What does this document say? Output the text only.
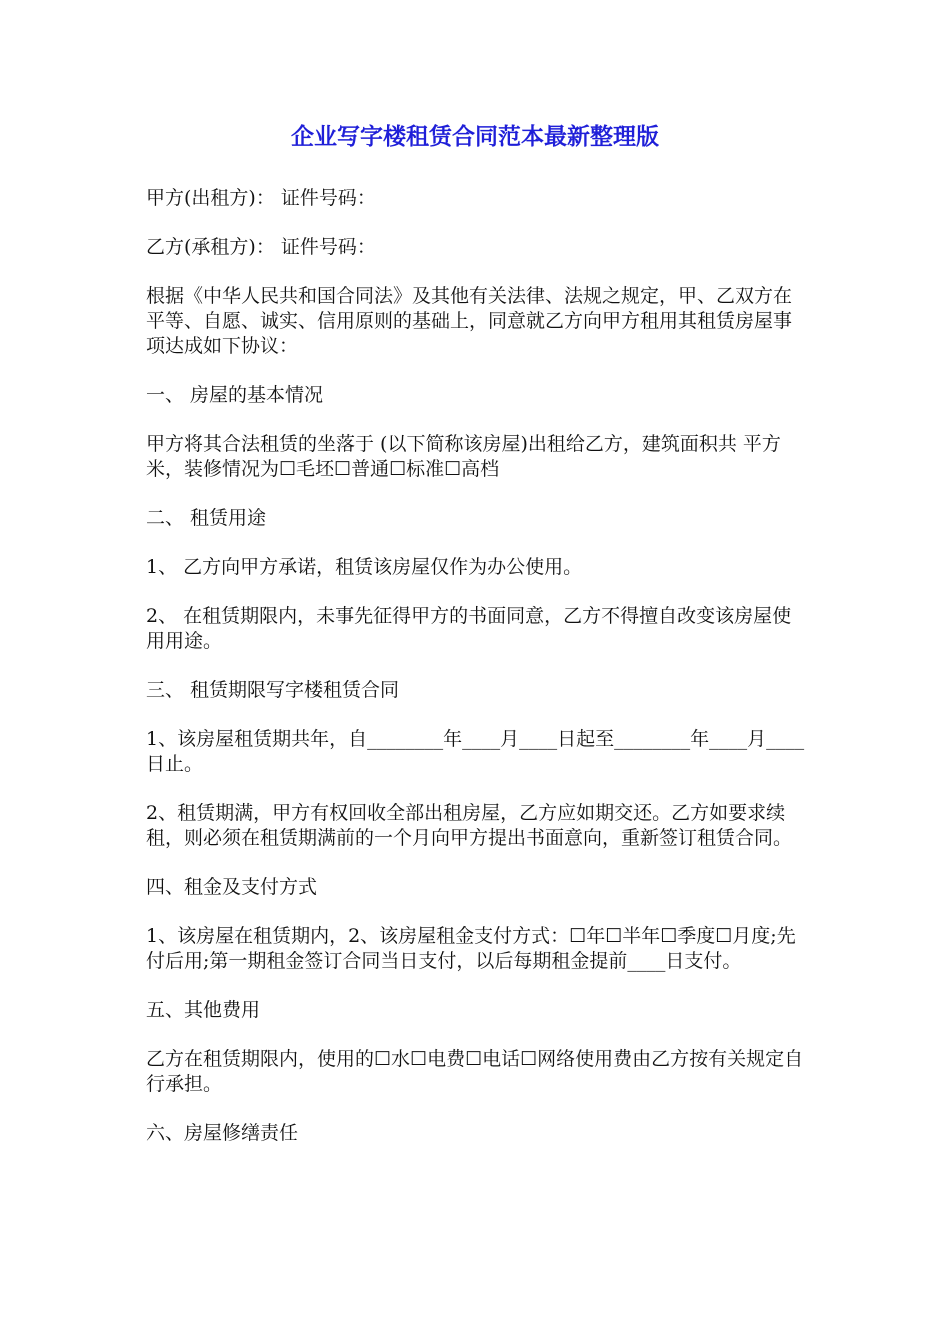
企业写字楼租赁合同范本最新整理版

甲方(出租方)： 证件号码：

乙方(承租方)： 证件号码：

根据《中华人民共和国合同法》及其他有关法律、法规之规定，甲、乙双方在平等、自愿、诚实、信用原则的基础上，同意就乙方向甲方租用其租赁房屋事项达成如下协议：

一、 房屋的基本情况

甲方将其合法租赁的坐落于 (以下简称该房屋)出租给乙方，建筑面积共 平方米，装修情况为☐毛坯☐普通☐标准☐高档

二、 租赁用途

1、 乙方向甲方承诺，租赁该房屋仅作为办公使用。

2、 在租赁期限内，未事先征得甲方的书面同意，乙方不得擅自改变该房屋使用用途。

三、 租赁期限写字楼租赁合同

1、该房屋租赁期共年，自________年____月____日起至________年____月____日止。

2、租赁期满，甲方有权回收全部出租房屋，乙方应如期交还。乙方如要求续租，则必须在租赁期满前的一个月向甲方提出书面意向，重新签订租赁合同。

四、租金及支付方式

1、该房屋在租赁期内，2、该房屋租金支付方式：☐年☐半年☐季度☐月度;先付后用;第一期租金签订合同当日支付，以后每期租金提前____日支付。

五、其他费用

乙方在租赁期限内，使用的☐水☐电费☐电话☐网络使用费由乙方按有关规定自行承担。

六、房屋修缮责任
